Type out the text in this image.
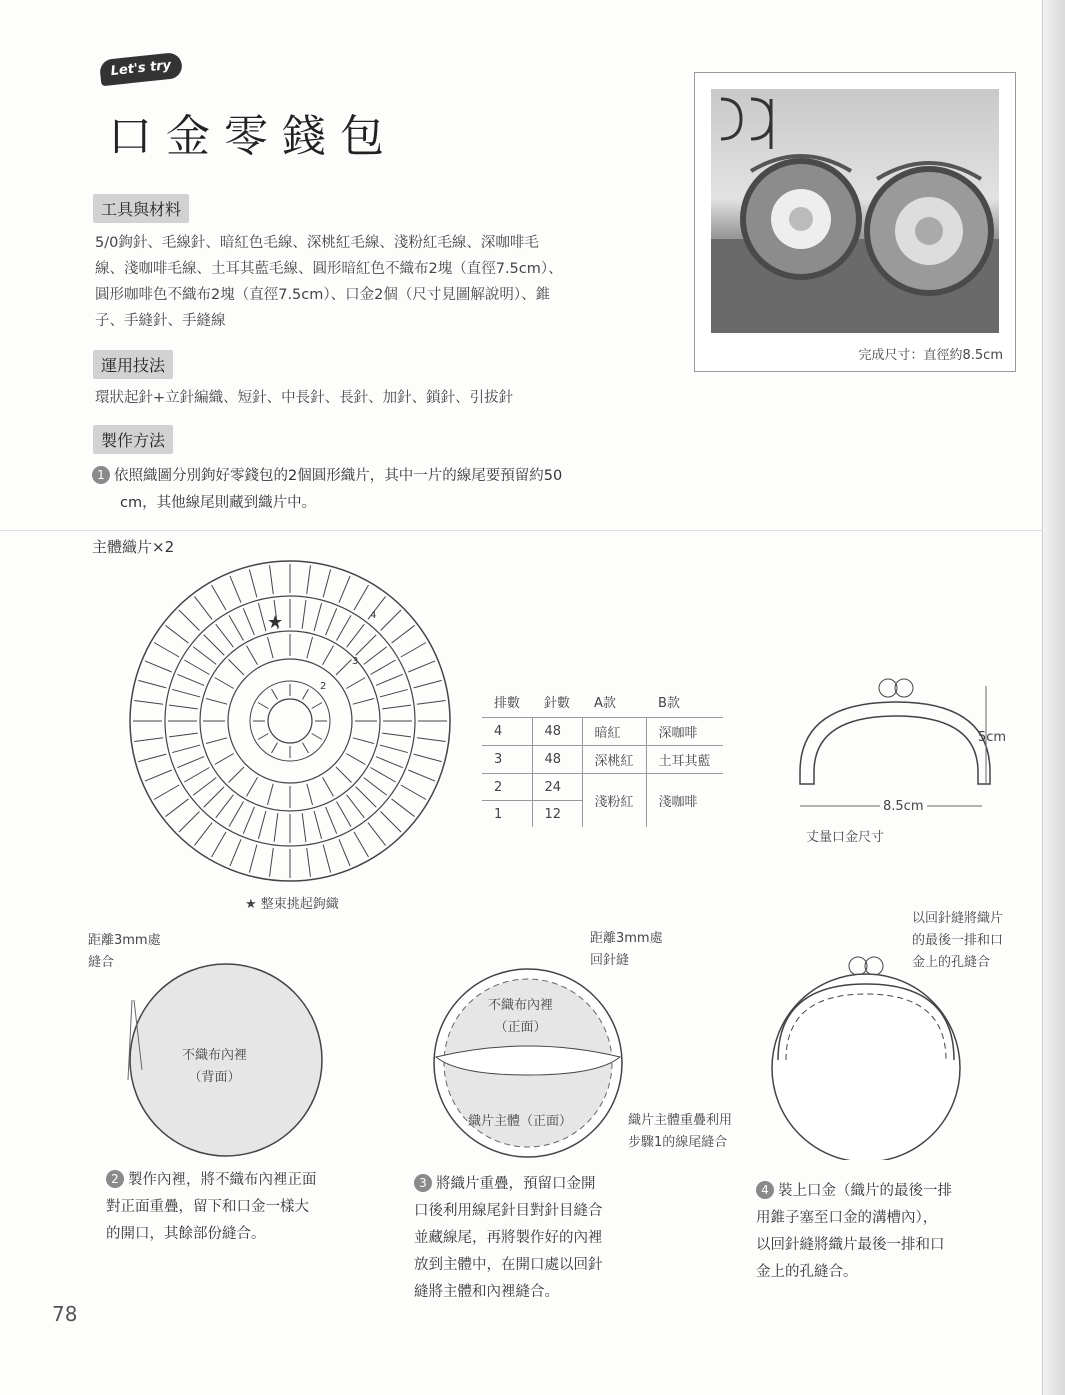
Let's try
口金零錢包
完成尺寸：直徑約8.5cm
工具與材料
5/0鉤針、毛線針、暗紅色毛線、深桃紅毛線、淺粉紅毛線、深咖啡毛
線、淺咖啡毛線、土耳其藍毛線、圓形暗紅色不織布2塊（直徑7.5cm）、
圓形咖啡色不織布2塊（直徑7.5cm）、口金2個（尺寸見圖解說明）、錐
子、手縫針、手縫線
運用技法
環狀起針+立針編織、短針、中長針、長針、加針、鎖針、引拔針
製作方法
1 依照織圖分別鉤好零錢包的2個圓形織片，其中一片的線尾要預留約50
cm，其他線尾則藏到織片中。
主體織片×2
★
3
4
2
★ 整束挑起鉤織
排數	針數	A款	B款
4	48	暗紅	深咖啡
3	48	深桃紅	土耳其藍
2	24	淺粉紅	淺咖啡
1	12		
5cm
8.5cm
丈量口金尺寸
距離3mm處
縫合
不織布內裡
（背面）
距離3mm處
回針縫
不織布內裡
（正面）
織片主體（正面）	織片主體重疊利用
步驟1的線尾縫合
以回針縫將織片
的最後一排和口
金上的孔縫合
2 製作內裡，將不織布內裡正面
對正面重疊，留下和口金一樣大
的開口，其餘部份縫合。
3 將織片重疊，預留口金開
口後利用線尾針目對針目縫合
並藏線尾，再將製作好的內裡
放到主體中，在開口處以回針
縫將主體和內裡縫合。
4 裝上口金（織片的最後一排
用錐子塞至口金的溝槽內），
以回針縫將織片最後一排和口
金上的孔縫合。
78
